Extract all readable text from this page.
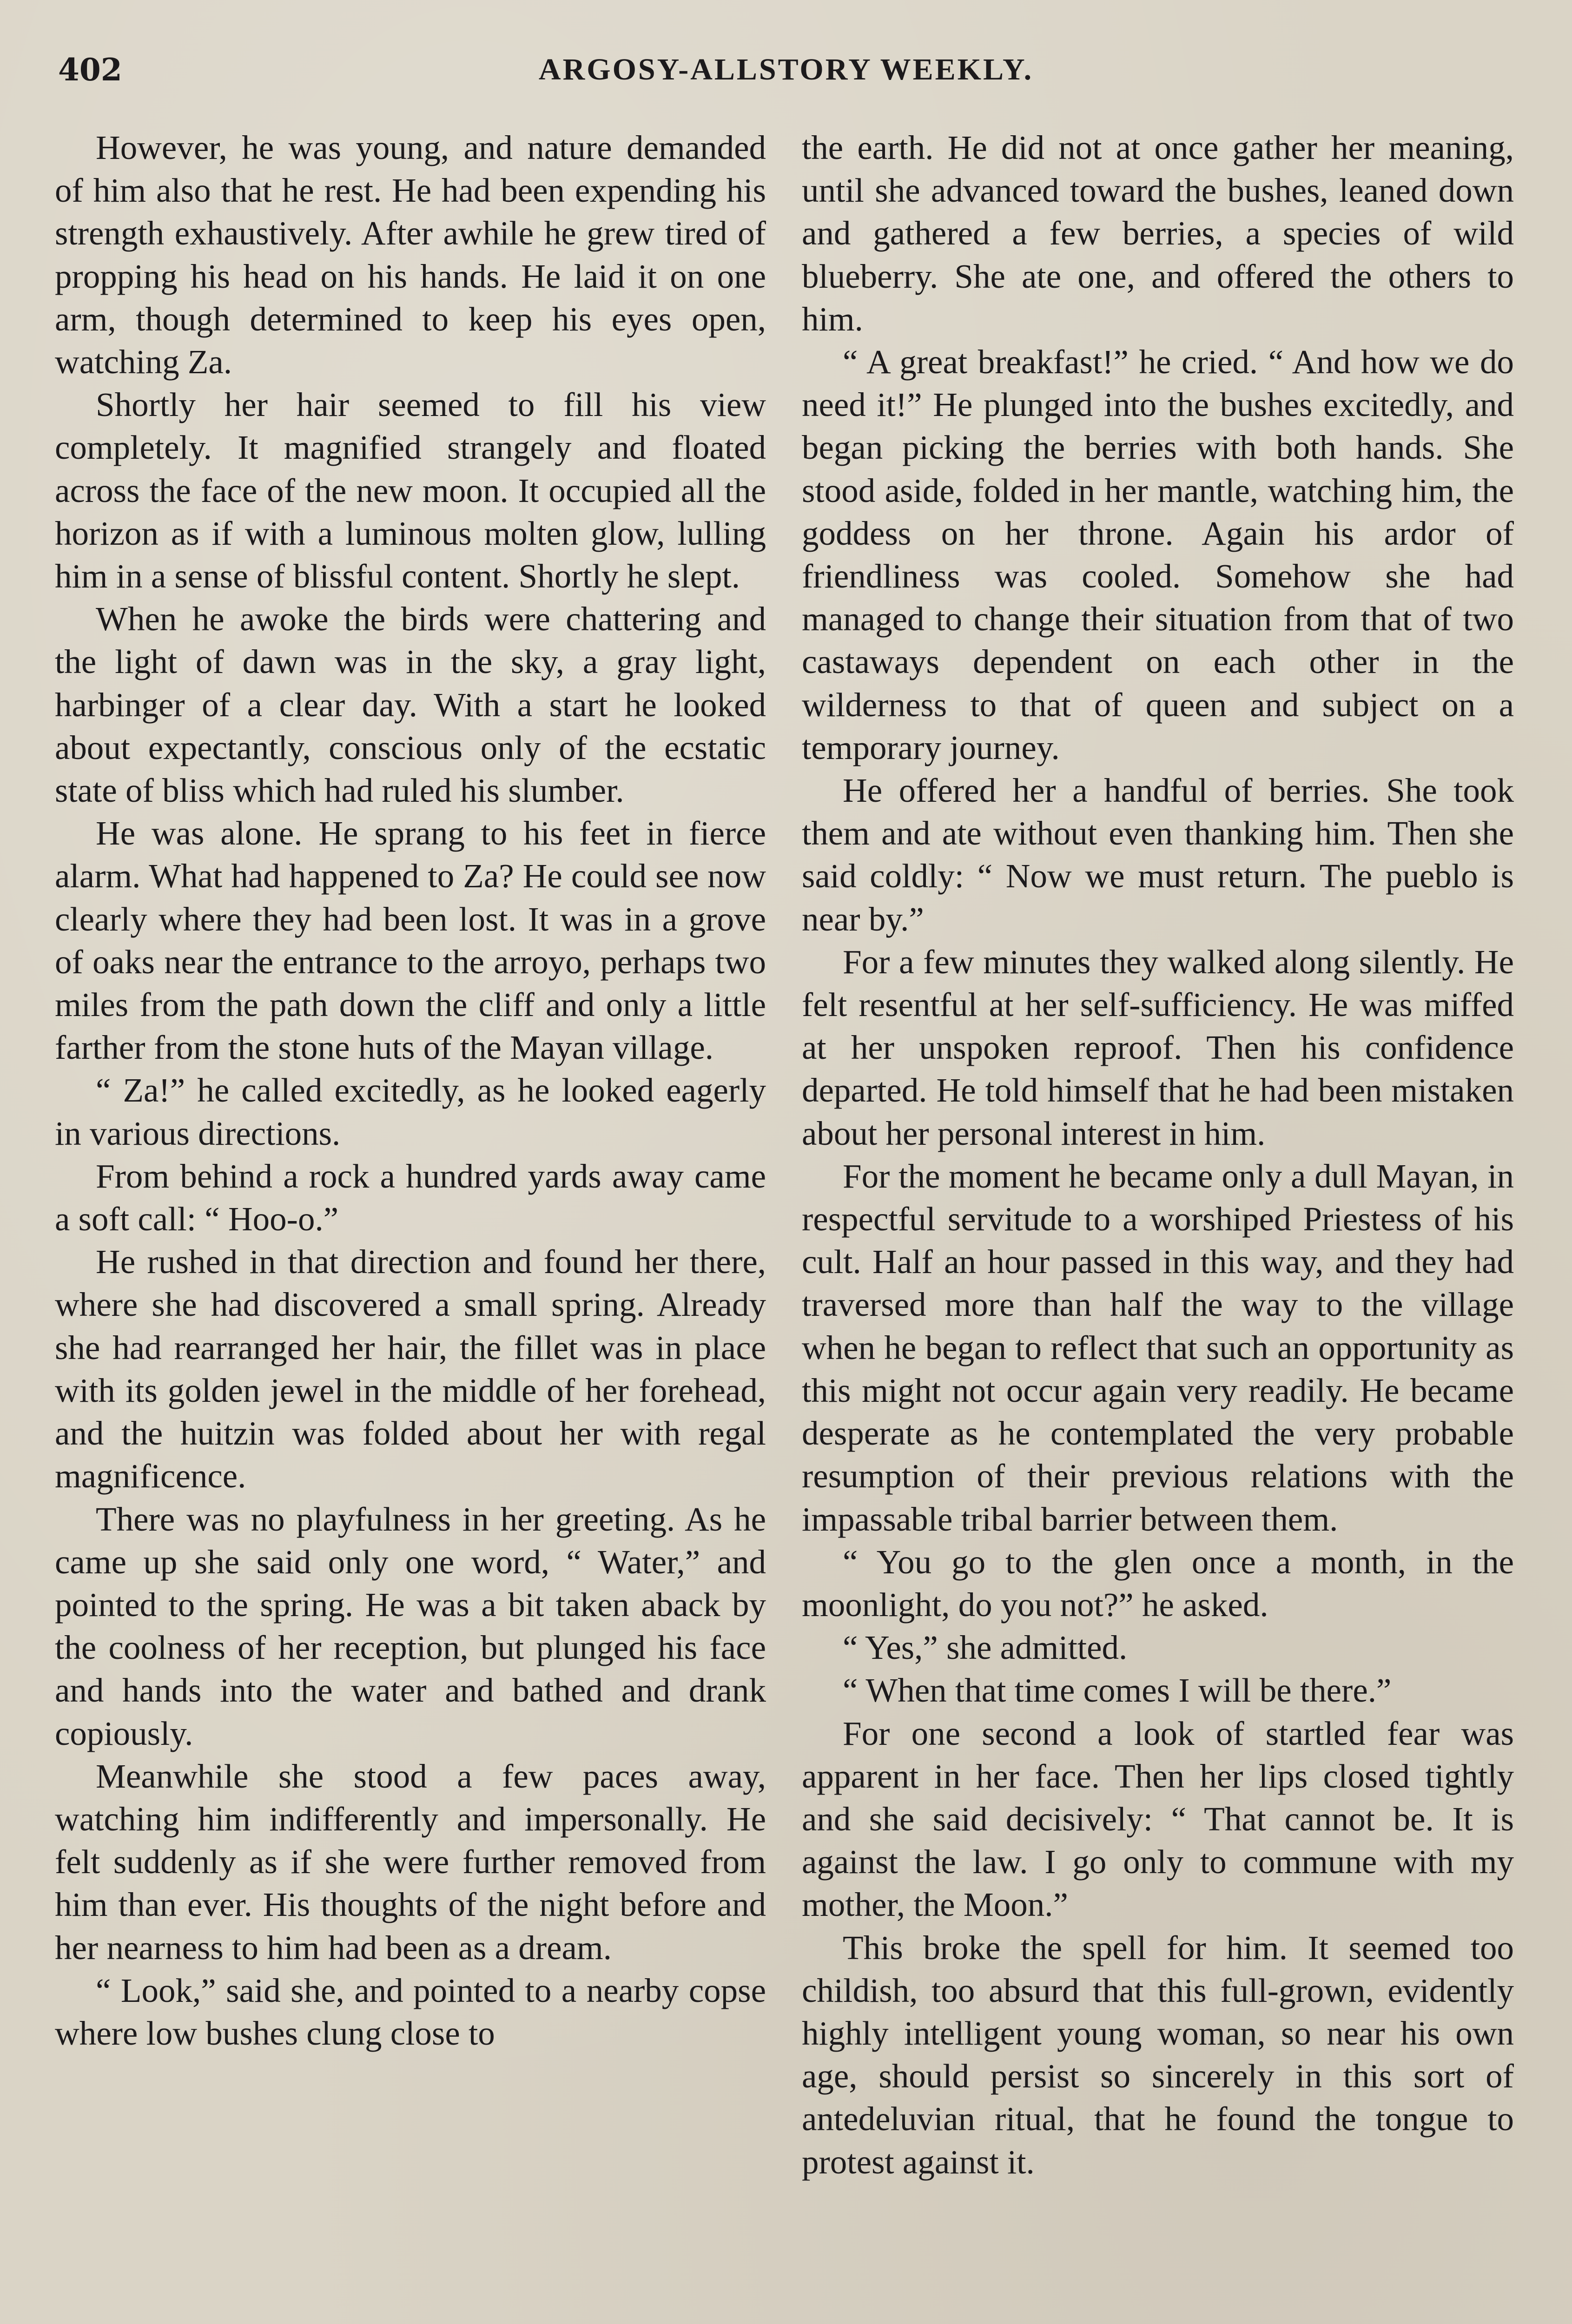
402	ARGOSY-ALLSTORY WEEKLY.

However, he was young, and nature demanded of him also that he rest. He had been expending his strength exhaustively. After awhile he grew tired of propping his head on his hands. He laid it on one arm, though determined to keep his eyes open, watching Za.

Shortly her hair seemed to fill his view completely. It magnified strangely and floated across the face of the new moon. It occupied all the horizon as if with a luminous molten glow, lulling him in a sense of blissful content. Shortly he slept.

When he awoke the birds were chattering and the light of dawn was in the sky, a gray light, harbinger of a clear day. With a start he looked about expectantly, conscious only of the ecstatic state of bliss which had ruled his slumber.

He was alone. He sprang to his feet in fierce alarm. What had happened to Za? He could see now clearly where they had been lost. It was in a grove of oaks near the entrance to the arroyo, perhaps two miles from the path down the cliff and only a little farther from the stone huts of the Mayan village.

“ Za!” he called excitedly, as he looked eagerly in various directions.

From behind a rock a hundred yards away came a soft call: “ Hoo-o.”

He rushed in that direction and found her there, where she had discovered a small spring. Already she had rearranged her hair, the fillet was in place with its golden jewel in the middle of her forehead, and the huitzin was folded about her with regal magnificence.

There was no playfulness in her greeting. As he came up she said only one word, “ Water,” and pointed to the spring. He was a bit taken aback by the coolness of her reception, but plunged his face and hands into the water and bathed and drank copiously.

Meanwhile she stood a few paces away, watching him indifferently and impersonally. He felt suddenly as if she were further removed from him than ever. His thoughts of the night before and her nearness to him had been as a dream.

“ Look,” said she, and pointed to a nearby copse where low bushes clung close to

the earth. He did not at once gather her meaning, until she advanced toward the bushes, leaned down and gathered a few berries, a species of wild blueberry. She ate one, and offered the others to him.

“ A great breakfast!” he cried. “ And how we do need it!” He plunged into the bushes excitedly, and began picking the berries with both hands. She stood aside, folded in her mantle, watching him, the goddess on her throne. Again his ardor of friendliness was cooled. Somehow she had managed to change their situation from that of two castaways dependent on each other in the wilderness to that of queen and subject on a temporary journey.

He offered her a handful of berries. She took them and ate without even thanking him. Then she said coldly: “ Now we must return. The pueblo is near by.”

For a few minutes they walked along silently. He felt resentful at her self-sufficiency. He was miffed at her unspoken reproof. Then his confidence departed. He told himself that he had been mistaken about her personal interest in him.

For the moment he became only a dull Mayan, in respectful servitude to a worshiped Priestess of his cult. Half an hour passed in this way, and they had traversed more than half the way to the village when he began to reflect that such an opportunity as this might not occur again very readily. He became desperate as he contemplated the very probable resumption of their previous relations with the impassable tribal barrier between them.

“ You go to the glen once a month, in the moonlight, do you not?” he asked.

“ Yes,” she admitted.

“ When that time comes I will be there.”

For one second a look of startled fear was apparent in her face. Then her lips closed tightly and she said decisively: “ That cannot be. It is against the law. I go only to commune with my mother, the Moon.”

This broke the spell for him. It seemed too childish, too absurd that this full-grown, evidently highly intelligent young woman, so near his own age, should persist so sincerely in this sort of antedeluvian ritual, that he found the tongue to protest against it.
